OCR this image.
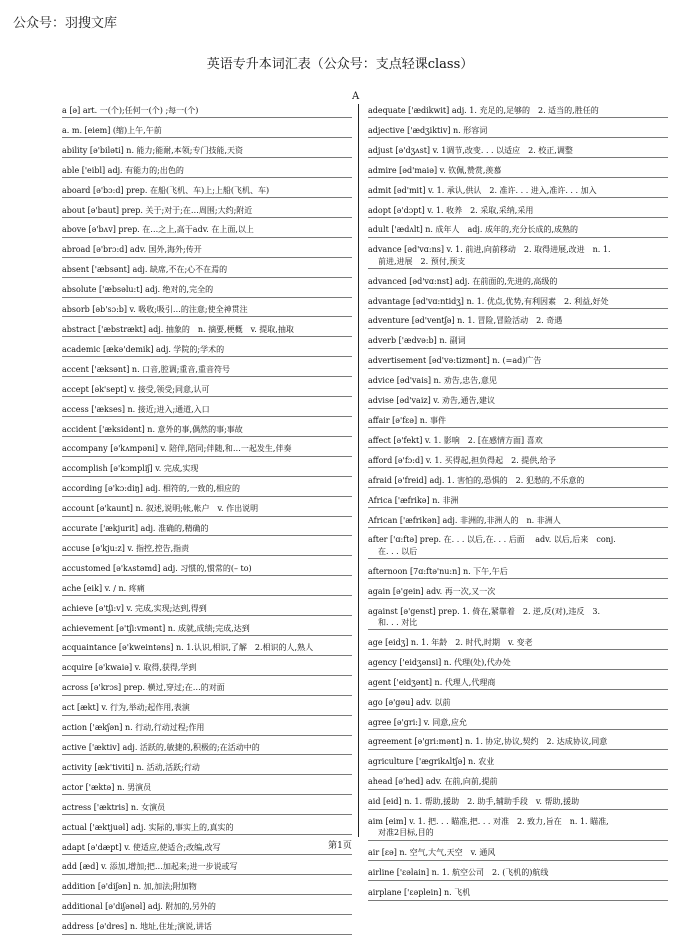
公众号：羽搜文库
英语专升本词汇表（公众号：支点轻课class）
A
a [ə] art. 一(个);任何一(个) ;每一(个)
a. m. [eiem] (缩)上午,午前
ability [ə'biləti] n. 能力;能耐,本领;专门技能,天资
able ['eibl] adj. 有能力的;出色的
aboard [ə'bɔ:d] prep. 在船(飞机、车)上;上船(飞机、车)
about [ə'baut] prep. 关于;对于;在…周围;大约;附近
above [ə'bʌv] prep. 在…之上,高于adv. 在上面,以上
abroad [ə'brɔ:d] adv. 国外,海外;传开
absent ['æbsənt] adj. 缺席,不在;心不在焉的
absolute ['æbsəlu:t] adj. 绝对的,完全的
absorb [əb'sɔ:b] v. 吸收;吸引…的注意;使全神贯注
abstract ['æbstrækt] adj. 抽象的　n. 摘要,梗概　v. 提取,抽取
academic [ækə'demik] adj. 学院的;学术的
accent ['æksənt] n. 口音,腔调;重音,重音符号
accept [ək'sept] v. 接受,领受;同意,认可
access ['ækses] n. 接近;进入;通道,入口
accident ['æksidənt] n. 意外的事,偶然的事;事故
accompany [ə'kʌmpəni] v. 陪伴,陪同;伴随,和…一起发生,伴奏
accomplish [ə'kɔmpliʃ] v. 完成,实现
according [ə'kɔ:diŋ] adj. 相符的,一致的,相应的
account [ə'kaunt] n. 叙述,说明;帐,帐户　v. 作出说明
accurate ['ækjurit] adj. 准确的,精确的
accuse [ə'kju:z] v. 指控,控告,指责
accustomed [ə'kʌstəmd] adj. 习惯的,惯常的(– to)
ache [eik] v. / n. 疼痛
achieve [ə'tʃi:v] v. 完成,实现;达到,得到
achievement [ə'tʃi:vmənt] n. 成就,成绩;完成,达到
acquaintance [ə'kweintəns] n. 1.认识,相识,了解　2.相识的人,熟人
acquire [ə'kwaiə] v. 取得,获得,学到
across [ə'krɔs] prep. 横过,穿过;在…的对面
act [ækt] v. 行为,举动;起作用,表演
action ['ækʃən] n. 行动,行动过程;作用
active ['æktiv] adj. 活跃的,敏捷的,积极的;在活动中的
activity [æk'tiviti] n. 活动,活跃;行动
actor ['æktə] n. 男演员
actress ['æktris] n. 女演员
actual ['æktjuəl] adj. 实际的,事实上的,真实的
adapt [ə'dæpt] v. 使适应,使适合;改编,改写
add [æd] v. 添加,增加;把…加起来;进一步说或写
addition [ə'diʃən] n. 加,加法;附加物
additional [ə'diʃənəl] adj. 附加的,另外的
address [ə'dres] n. 地址,住址;演说,讲话
adequate ['ædikwit] adj. 1. 充足的,足够的　2. 适当的,胜任的
adjective ['ædʒiktiv] n. 形容词
adjust [ə'dʒʌst] v. 1调节,改变. . . 以适应　2. 校正,调整
admire [əd'maiə] v. 钦佩,赞赏,羡慕
admit [əd'mit] v. 1. 承认,供认　2. 准许. . . 进入,准许. . . 加入
adopt [ə'dɔpt] v. 1. 收养　2. 采取,采纳,采用
adult ['ædʌlt] n. 成年人　adj. 成年的,充分长成的,成熟的
advance [əd'vɑ:ns] v. 1. 前进,向前移动　2. 取得进展,改进　n. 1.
前进,进展　2. 预付,预支
advanced [əd'vɑ:nst] adj. 在前面的,先进的,高级的
advantage [əd'vɑ:ntidʒ] n. 1. 优点,优势,有利因素　2. 利益,好处
adventure [əd'ventʃə] n. 1. 冒险,冒险活动　2. 奇遇
adverb ['ædvə:b] n. 副词
advertisement [əd'və:tizmənt] n. (=ad)广告
advice [əd'vais] n. 劝告,忠告,意见
advise [əd'vaiz] v. 劝告,通告,建议
affair [ə'fɛə] n. 事件
affect [ə'fekt] v. 1. 影响　2. [在感情方面] 喜欢
afford [ə'fɔ:d] v. 1. 买得起,担负得起　2. 提供,给予
afraid [ə'freid] adj. 1. 害怕的,恐惧的　2. 犯愁的,不乐意的
Africa ['æfrikə] n. 非洲
African ['æfrikən] adj. 非洲的,非洲人的　n. 非洲人
after ['ɑ:ftə] prep. 在. . . 以后,在. . . 后面　 adv. 以后,后来　conj.
在. . . 以后
afternoon [7ɑ:ftə'nu:n] n. 下午,午后
again [ə'gein] adv. 再一次,又一次
against [ə'genst] prep. 1. 倚在,紧靠着　2. 逆,反(对),违反　3.
和. . . 对比
age [eidʒ] n. 1. 年龄　2. 时代,时期　v. 变老
agency ['eidʒənsi] n. 代理(处),代办处
agent ['eidʒənt] n. 代理人,代理商
ago [ə'gəu] adv. 以前
agree [ə'gri:] v. 同意,应允
agreement [ə'gri:mənt] n. 1. 协定,协议,契约　2. 达成协议,同意
agriculture ['ægrikʌltʃə] n. 农业
ahead [ə'hed] adv. 在前,向前,提前
aid [eid] n. 1. 帮助,援助　2. 助手,辅助手段　v. 帮助,援助
aim [eim] v. 1. 把. . . 瞄准,把. . . 对准　2. 致力,旨在　n. 1. 瞄准,
对准2目标,目的
air [ɛə] n. 空气,大气,天空　v. 通风
airline ['ɛəlain] n. 1. 航空公司　2. (飞机的)航线
airplane ['ɛəplein] n. 飞机
第1页
